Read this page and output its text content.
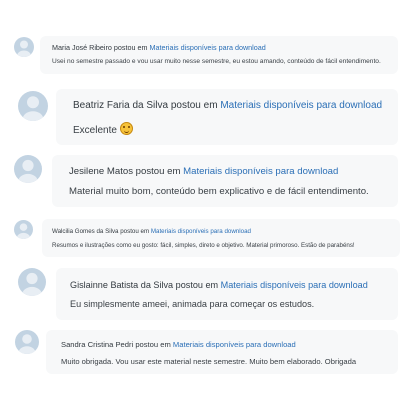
Maria José Ribeiro postou em Materiais disponíveis para download
Usei no semestre passado e vou usar muito nesse semestre, eu estou amando, conteúdo de fácil entendimento.
Beatriz Faria da Silva postou em Materiais disponíveis para download
Excelente
Jesilene Matos postou em Materiais disponíveis para download
Material muito bom, conteúdo bem explicativo e de fácil entendimento.
Walcilia Gomes da Silva postou em Materiais disponíveis para download
Resumos e ilustrações como eu gosto: fácil, simples, direto e objetivo. Material primoroso. Estão de parabéns!
Gislainne Batista da Silva postou em Materiais disponíveis para download
Eu simplesmente ameei, animada para começar os estudos.
Sandra Cristina Pedri postou em Materiais disponíveis para download
Muito obrigada. Vou usar este material neste semestre. Muito bem elaborado. Obrigada
